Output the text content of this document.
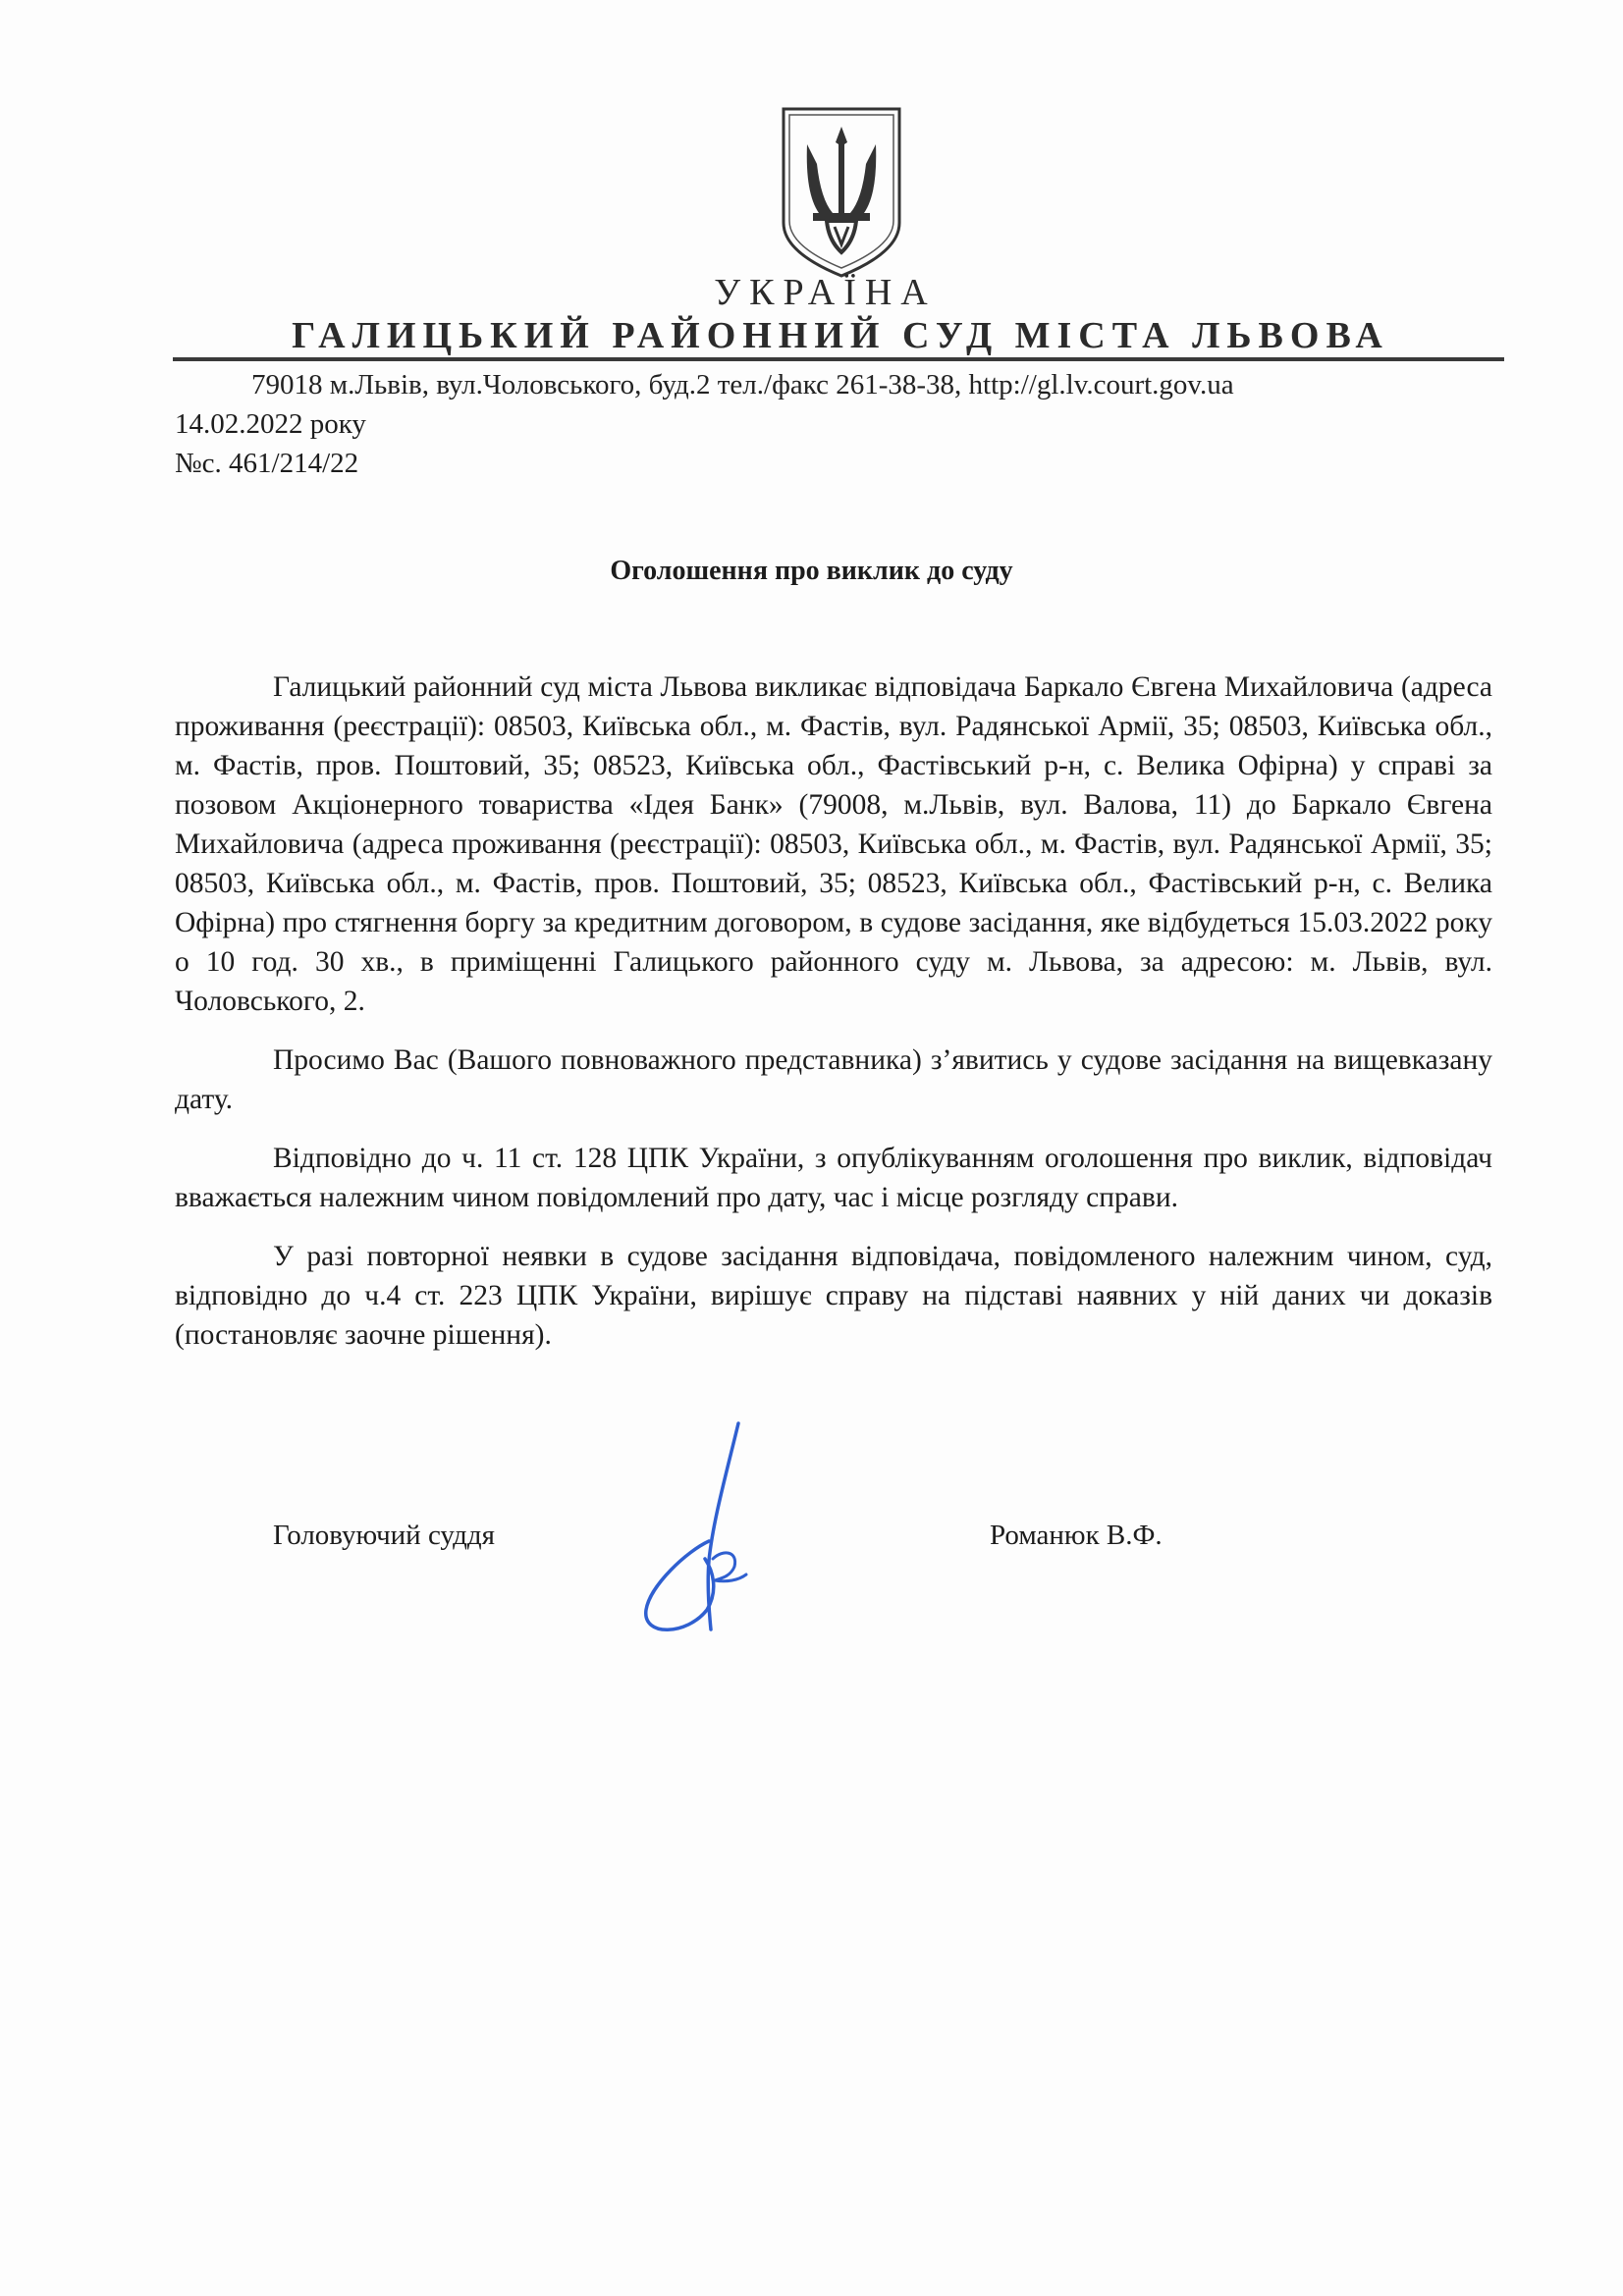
УКРАЇНА
ГАЛИЦЬКИЙ РАЙОННИЙ СУД МІСТА ЛЬВОВА
79018 м.Львів, вул.Чоловського, буд.2 тел./факс 261-38-38, http://gl.lv.court.gov.ua
14.02.2022 року
№с. 461/214/22
Оголошення про виклик до суду

Галицький районний суд міста Львова викликає відповідача Баркало Євгена Михайловича (адреса проживання (реєстрації): 08503, Київська обл., м. Фастів, вул. Радянської Армії, 35; 08503, Київська обл., м. Фастів, пров. Поштовий, 35; 08523, Київська обл., Фастівський р-н, с. Велика Офірна) у справі за позовом Акціонерного товариства «Ідея Банк» (79008, м.Львів, вул. Валова, 11) до Баркало Євгена Михайловича (адреса проживання (реєстрації): 08503, Київська обл., м. Фастів, вул. Радянської Армії, 35; 08503, Київська обл., м. Фастів, пров. Поштовий, 35; 08523, Київська обл., Фастівський р-н, с. Велика Офірна) про стягнення боргу за кредитним договором, в судове засідання, яке відбудеться 15.03.2022 року о 10 год. 30 хв., в приміщенні Галицького районного суду м. Львова, за адресою: м. Львів, вул. Чоловського, 2.

Просимо Вас (Вашого повноважного представника) з’явитись у судове засідання на вищевказану дату.

Відповідно до ч. 11 ст. 128 ЦПК України, з опублікуванням оголошення про виклик, відповідач вважається належним чином повідомлений про дату, час і місце розгляду справи.

У разі повторної неявки в судове засідання відповідача, повідомленого належним чином, суд, відповідно до ч.4 ст. 223 ЦПК України, вирішує справу на підставі наявних у ній даних чи доказів (постановляє заочне рішення).

Головуючий суддя	Романюк В.Ф.
